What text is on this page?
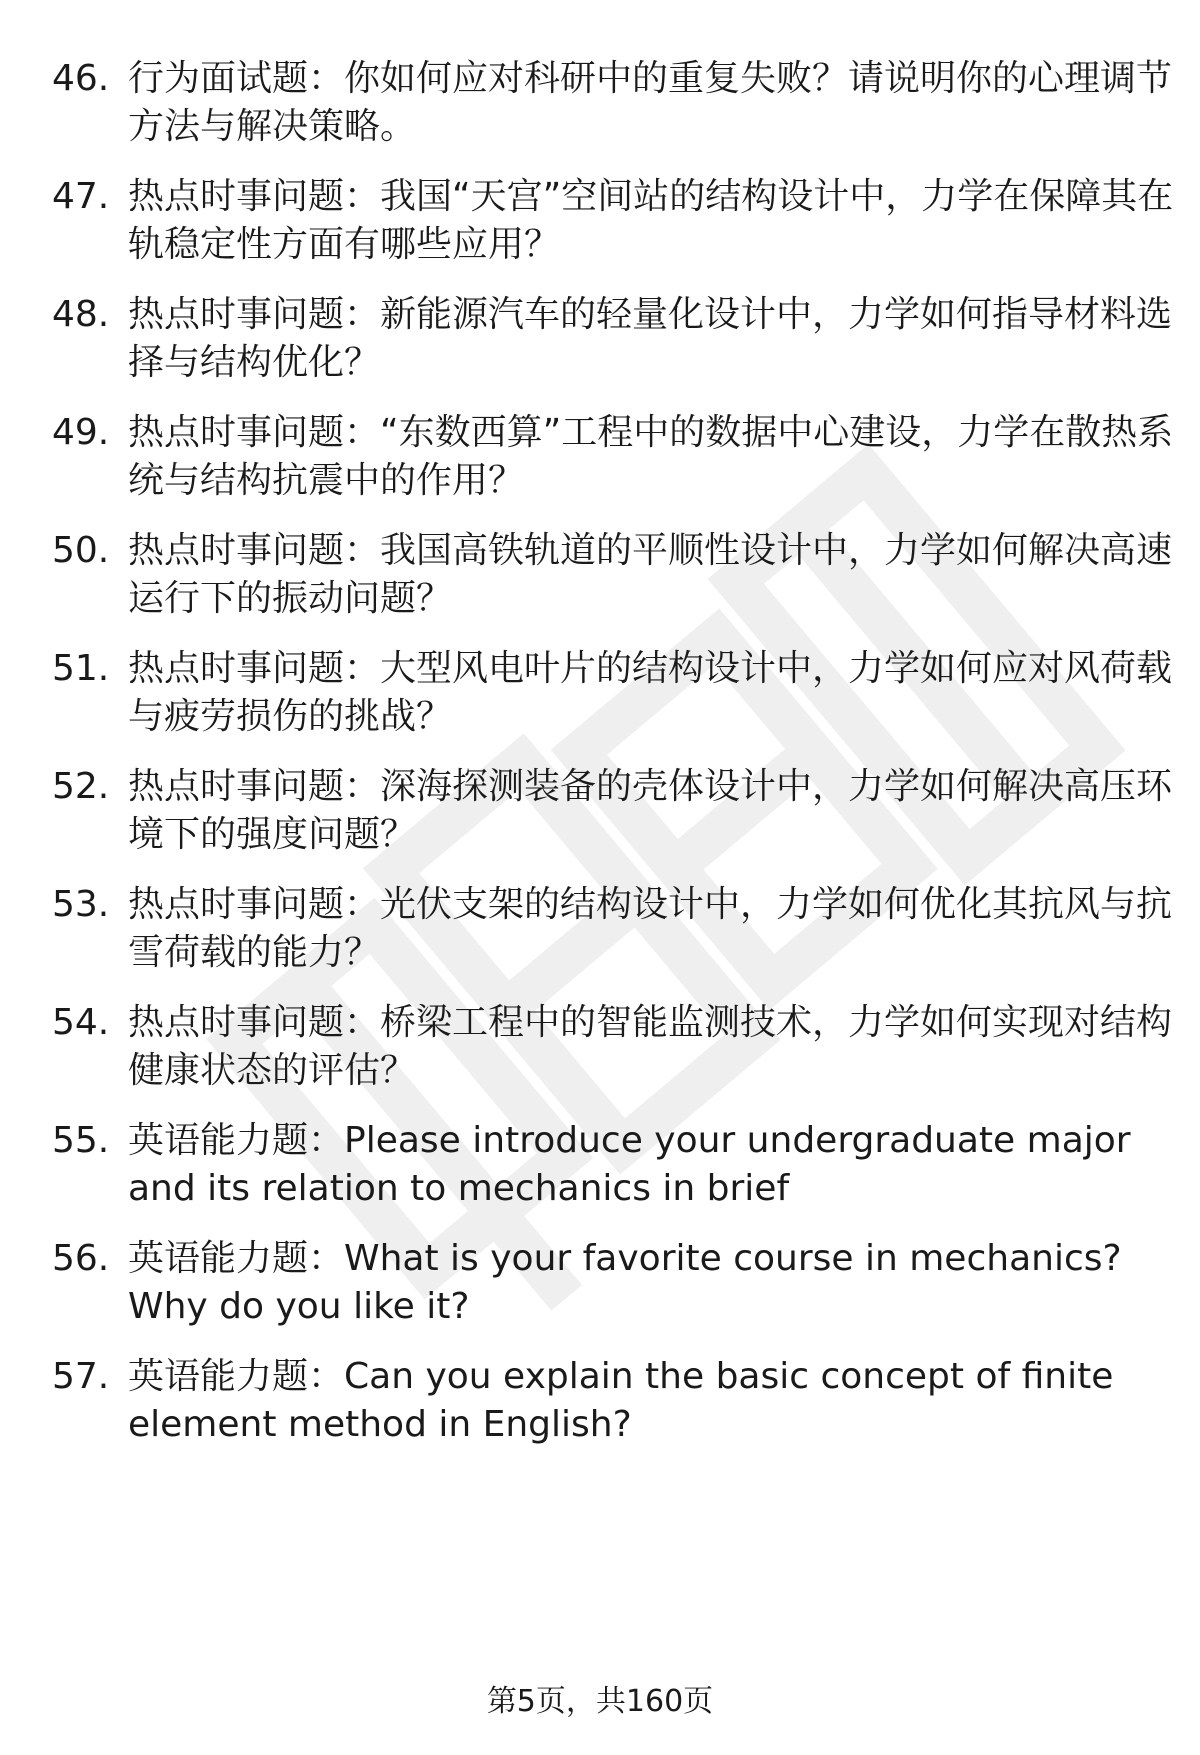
46. 行为面试题：你如何应对科研中的重复失败？请说明你的心理调节方法与解决策略。
47. 热点时事问题：我国“天宫”空间站的结构设计中，力学在保障其在轨稳定性方面有哪些应用？
48. 热点时事问题：新能源汽车的轻量化设计中，力学如何指导材料选择与结构优化？
49. 热点时事问题：“东数西算”工程中的数据中心建设，力学在散热系统与结构抗震中的作用？
50. 热点时事问题：我国高铁轨道的平顺性设计中，力学如何解决高速运行下的振动问题？
51. 热点时事问题：大型风电叶片的结构设计中，力学如何应对风荷载与疲劳损伤的挑战？
52. 热点时事问题：深海探测装备的壳体设计中，力学如何解决高压环境下的强度问题？
53. 热点时事问题：光伏支架的结构设计中，力学如何优化其抗风与抗雪荷载的能力？
54. 热点时事问题：桥梁工程中的智能监测技术，力学如何实现对结构健康状态的评估？
55. 英语能力题：Please introduce your undergraduate major and its relation to mechanics in brief
56. 英语能力题：What is your favorite course in mechanics? Why do you like it?
57. 英语能力题：Can you explain the basic concept of finite element method in English?
第5页，共160页
